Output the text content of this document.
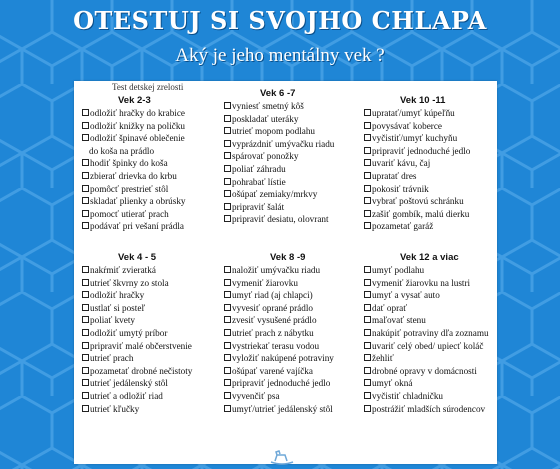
OTESTUJ SI SVOJHO CHLAPA
Aký je jeho mentálny vek ?
Test detskej zrelosti
Vek 2-3
odložiť hračky do krabice
odložiť knižky na poličku
odložiť špinavé oblečenie
do koša na prádlo
hodiť špinky do koša
zbierať drievka do krbu
pomôcť prestrieť stôl
skladať plienky a obrúsky
pomocť utierať prach
podávať pri vešaní prádla
Vek 6 -7
vyniesť smetný kôš
poskladať uteráky
utrieť mopom podlahu
vyprázdniť umývačku riadu
spárovať ponožky
poliať záhradu
pohrabať lístie
ošúpať zemiaky/mrkvy
pripraviť šalát
pripraviť desiatu, olovrant
Vek 10 -11
upratať/umyť kúpeľňu
povysávať koberce
vyčistiť/umyť kuchyňu
pripraviť jednoduché jedlo
uvariť kávu, čaj
upratať dres
pokosiť trávnik
vybrať poštovú schránku
zašiť gombík, malú dierku
pozametať garáž
Vek 4 - 5
nakŕmiť zvieratká
utrieť škvrny zo stola
odložiť hračky
ustlať si posteľ
poliať kvety
odložiť umytý príbor
pripraviť malé občerstvenie
utrieť prach
pozametať drobné nečistoty
utrieť jedálenský stôl
utrieť a odložiť riad
utrieť kľučky
Vek 8 -9
naložiť umývačku riadu
vymeniť žiarovku
umyť riad (aj chlapci)
vyvesiť oprané prádlo
zvesiť vysušené prádlo
utrieť prach z nábytku
vystriekať terasu vodou
vyložiť nakúpené potraviny
ošúpať varené vajíčka
pripraviť jednoduché jedlo
vyvenčiť psa
umyť/utrieť jedálenský stôl
Vek 12 a viac
umyť podlahu
vymeniť žiarovku na lustri
umyť a vysať auto
dať oprať
maľovať stenu
nakúpiť potraviny dľa zoznamu
uvariť celý obed/ upiecť koláč
žehliť
drobné opravy v domácnosti
umyť okná
vyčistiť chladničku
postrážiť mladších súrodencov
